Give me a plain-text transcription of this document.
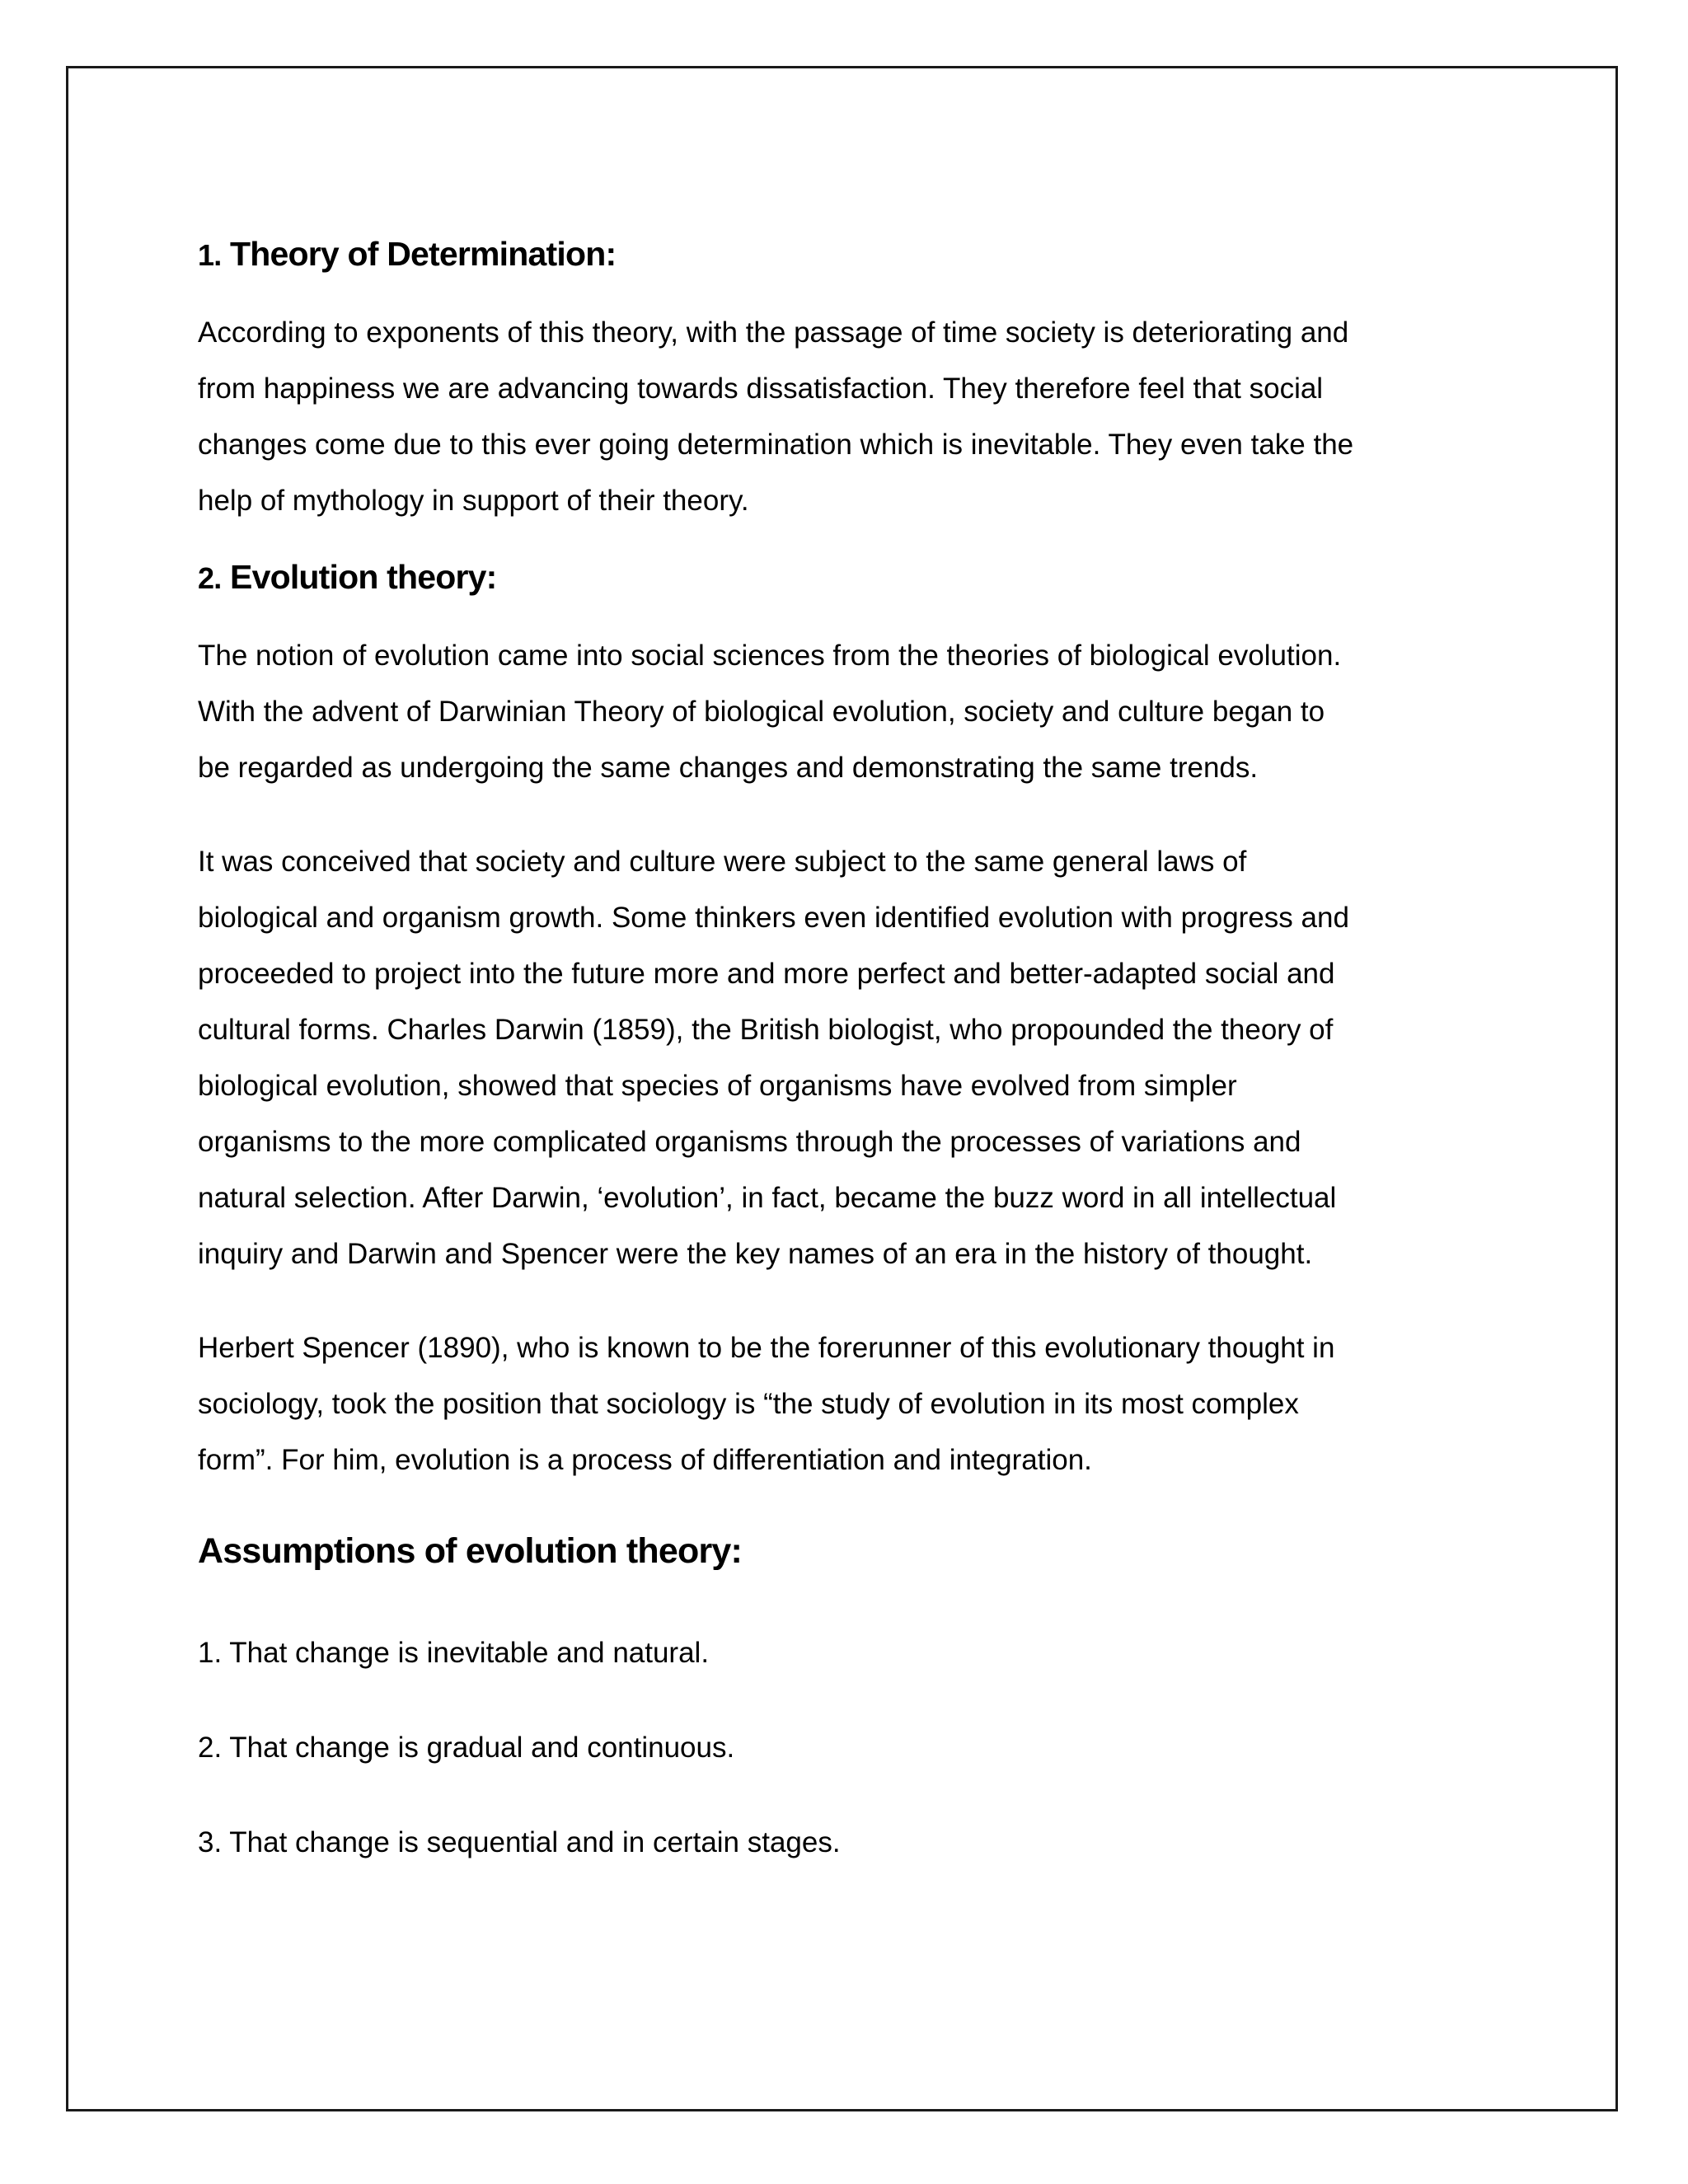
1. Theory of Determination:

According to exponents of this theory, with the passage of time society is deteriorating and
from happiness we are advancing towards dissatisfaction. They therefore feel that social
changes come due to this ever going determination which is inevitable. They even take the
help of mythology in support of their theory.

2. Evolution theory:

The notion of evolution came into social sciences from the theories of biological evolution.
With the advent of Darwinian Theory of biological evolution, society and culture began to
be regarded as undergoing the same changes and demonstrating the same trends.

It was conceived that society and culture were subject to the same general laws of
biological and organism growth. Some thinkers even identified evolution with progress and
proceeded to project into the future more and more perfect and better-adapted social and
cultural forms. Charles Darwin (1859), the British biologist, who propounded the theory of
biological evolution, showed that species of organisms have evolved from simpler
organisms to the more complicated organisms through the processes of variations and
natural selection. After Darwin, ‘evolution’, in fact, became the buzz word in all intellectual
inquiry and Darwin and Spencer were the key names of an era in the history of thought.

Herbert Spencer (1890), who is known to be the forerunner of this evolutionary thought in
sociology, took the position that sociology is “the study of evolution in its most complex
form”. For him, evolution is a process of differentiation and integration.

Assumptions of evolution theory:

1. That change is inevitable and natural.

2. That change is gradual and continuous.

3. That change is sequential and in certain stages.
